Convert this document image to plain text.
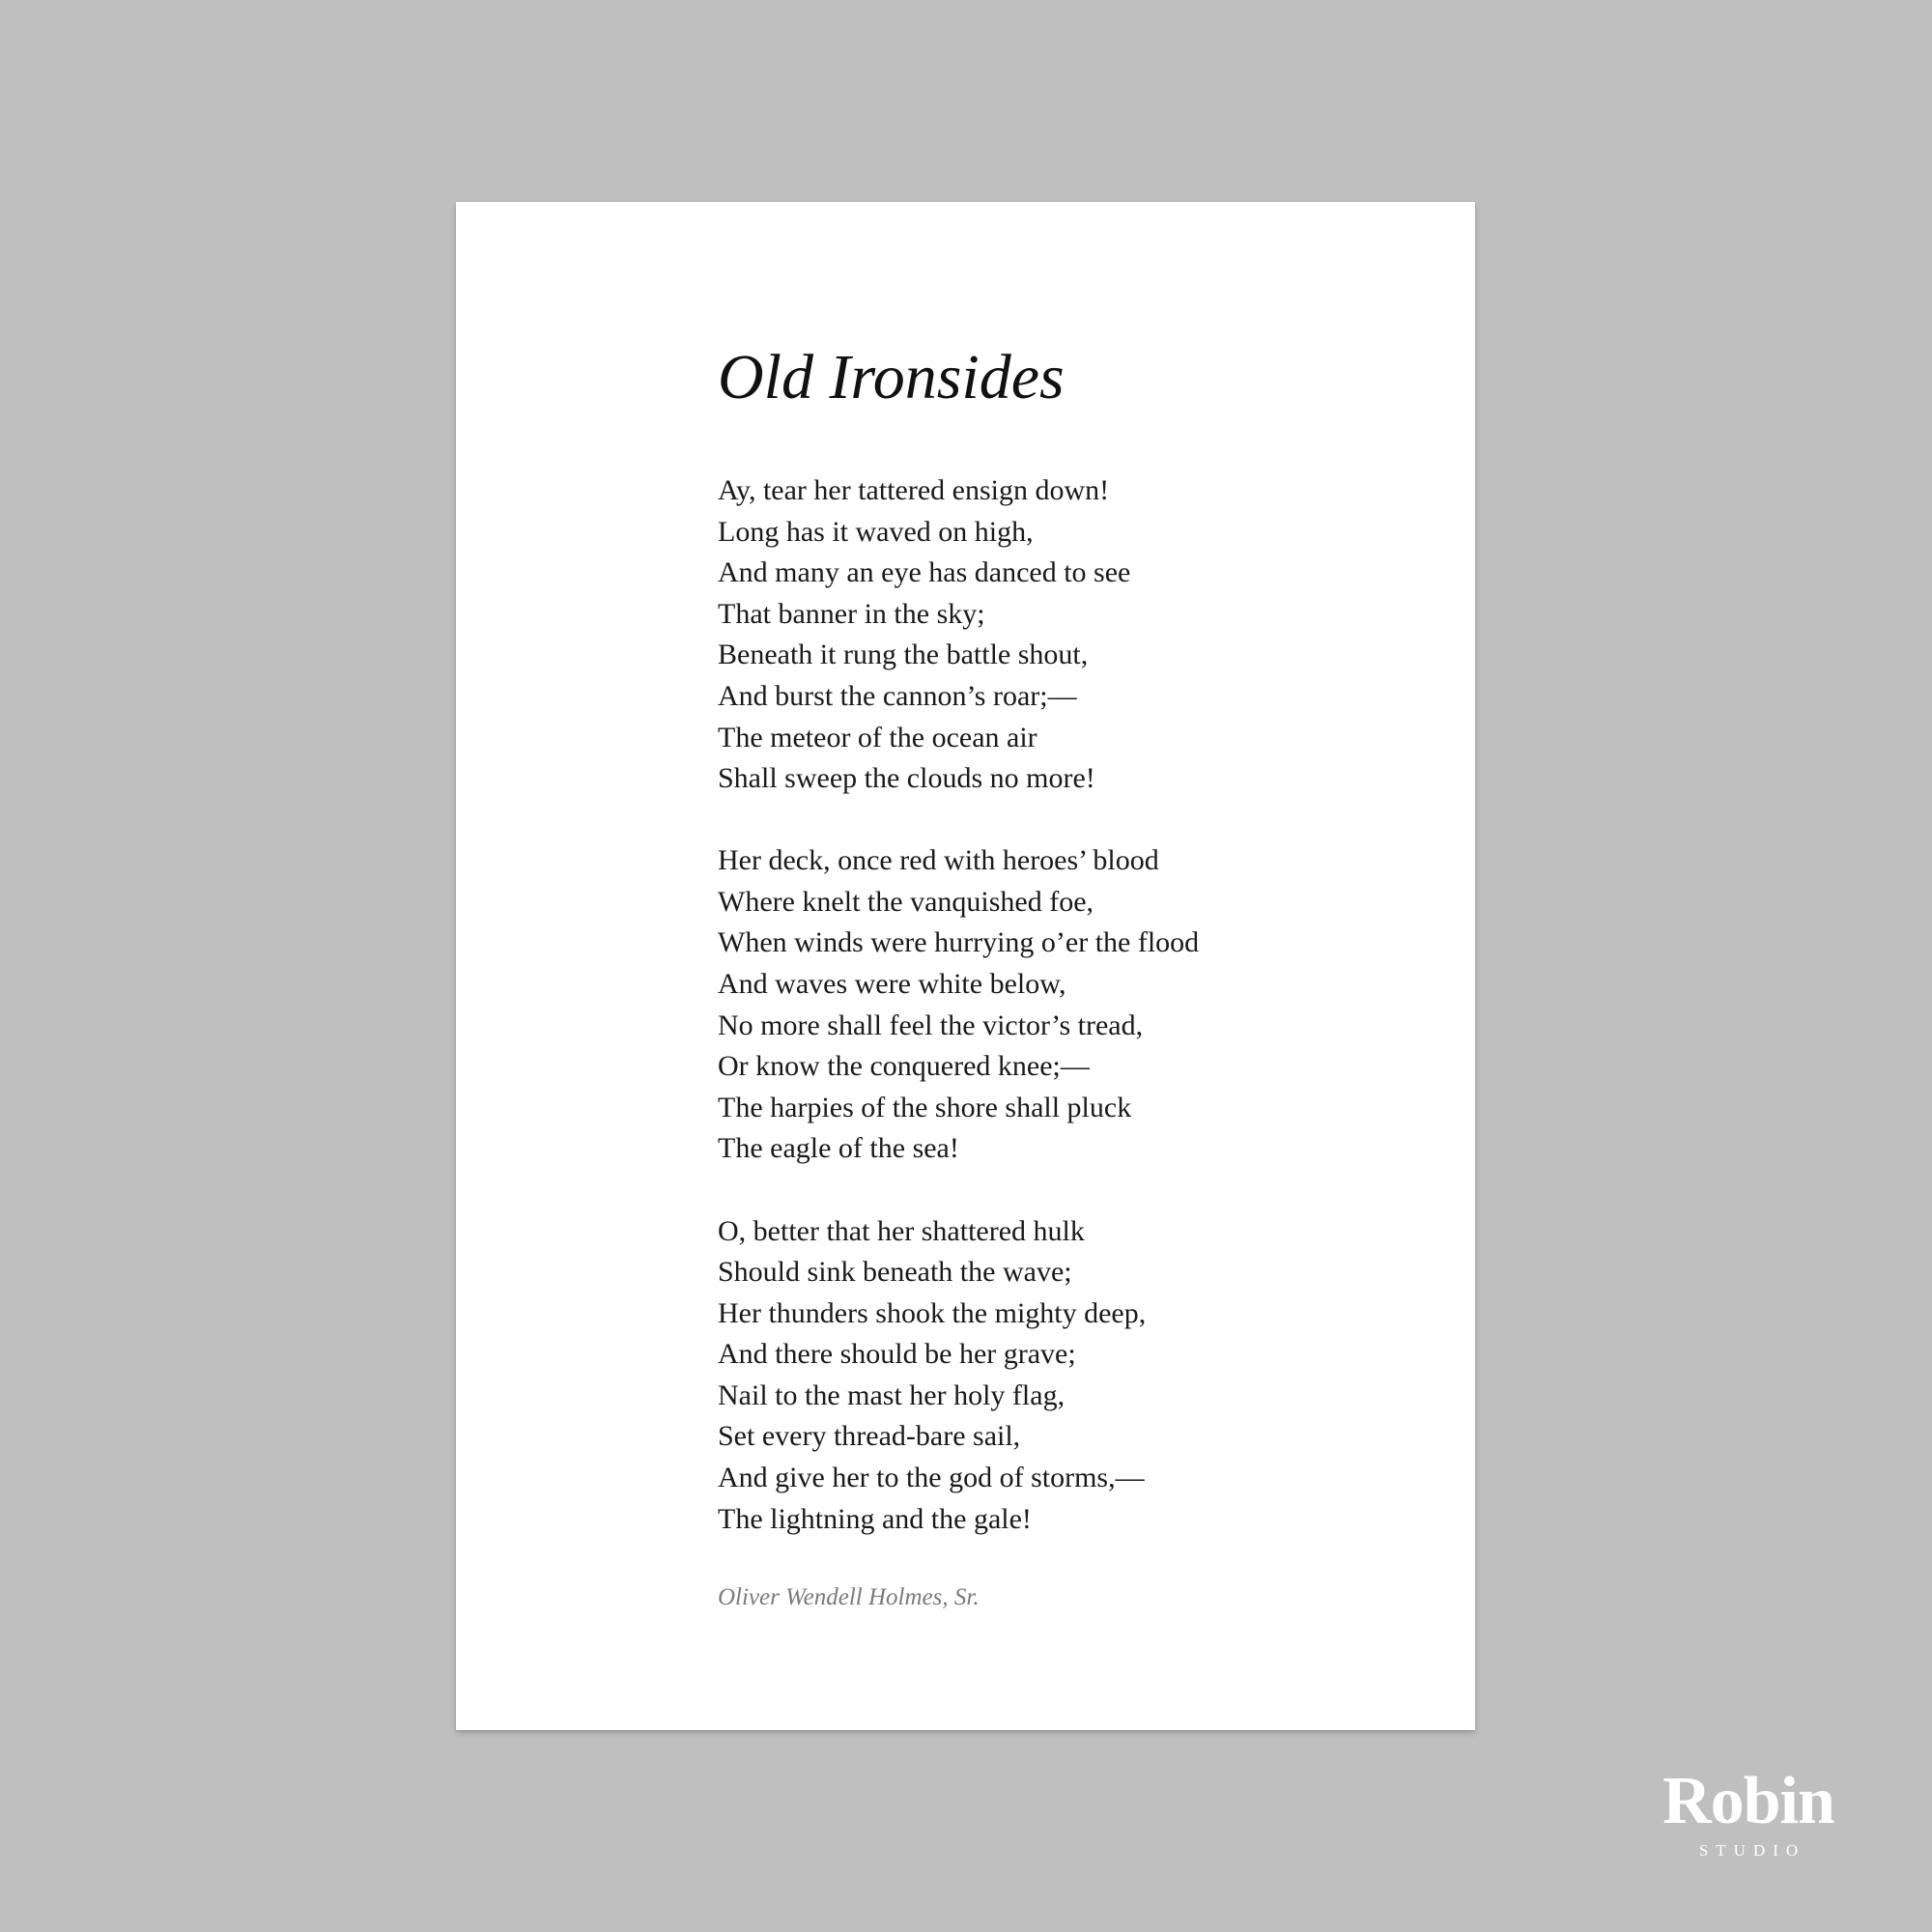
Old Ironsides
Ay, tear her tattered ensign down!
Long has it waved on high,
And many an eye has danced to see
That banner in the sky;
Beneath it rung the battle shout,
And burst the cannon’s roar;—
The meteor of the ocean air
Shall sweep the clouds no more!
Her deck, once red with heroes’ blood
Where knelt the vanquished foe,
When winds were hurrying o’er the flood
And waves were white below,
No more shall feel the victor’s tread,
Or know the conquered knee;—
The harpies of the shore shall pluck
The eagle of the sea!
O, better that her shattered hulk
Should sink beneath the wave;
Her thunders shook the mighty deep,
And there should be her grave;
Nail to the mast her holy flag,
Set every thread-bare sail,
And give her to the god of storms,—
The lightning and the gale!
Oliver Wendell Holmes, Sr.
Robin
STUDIO
